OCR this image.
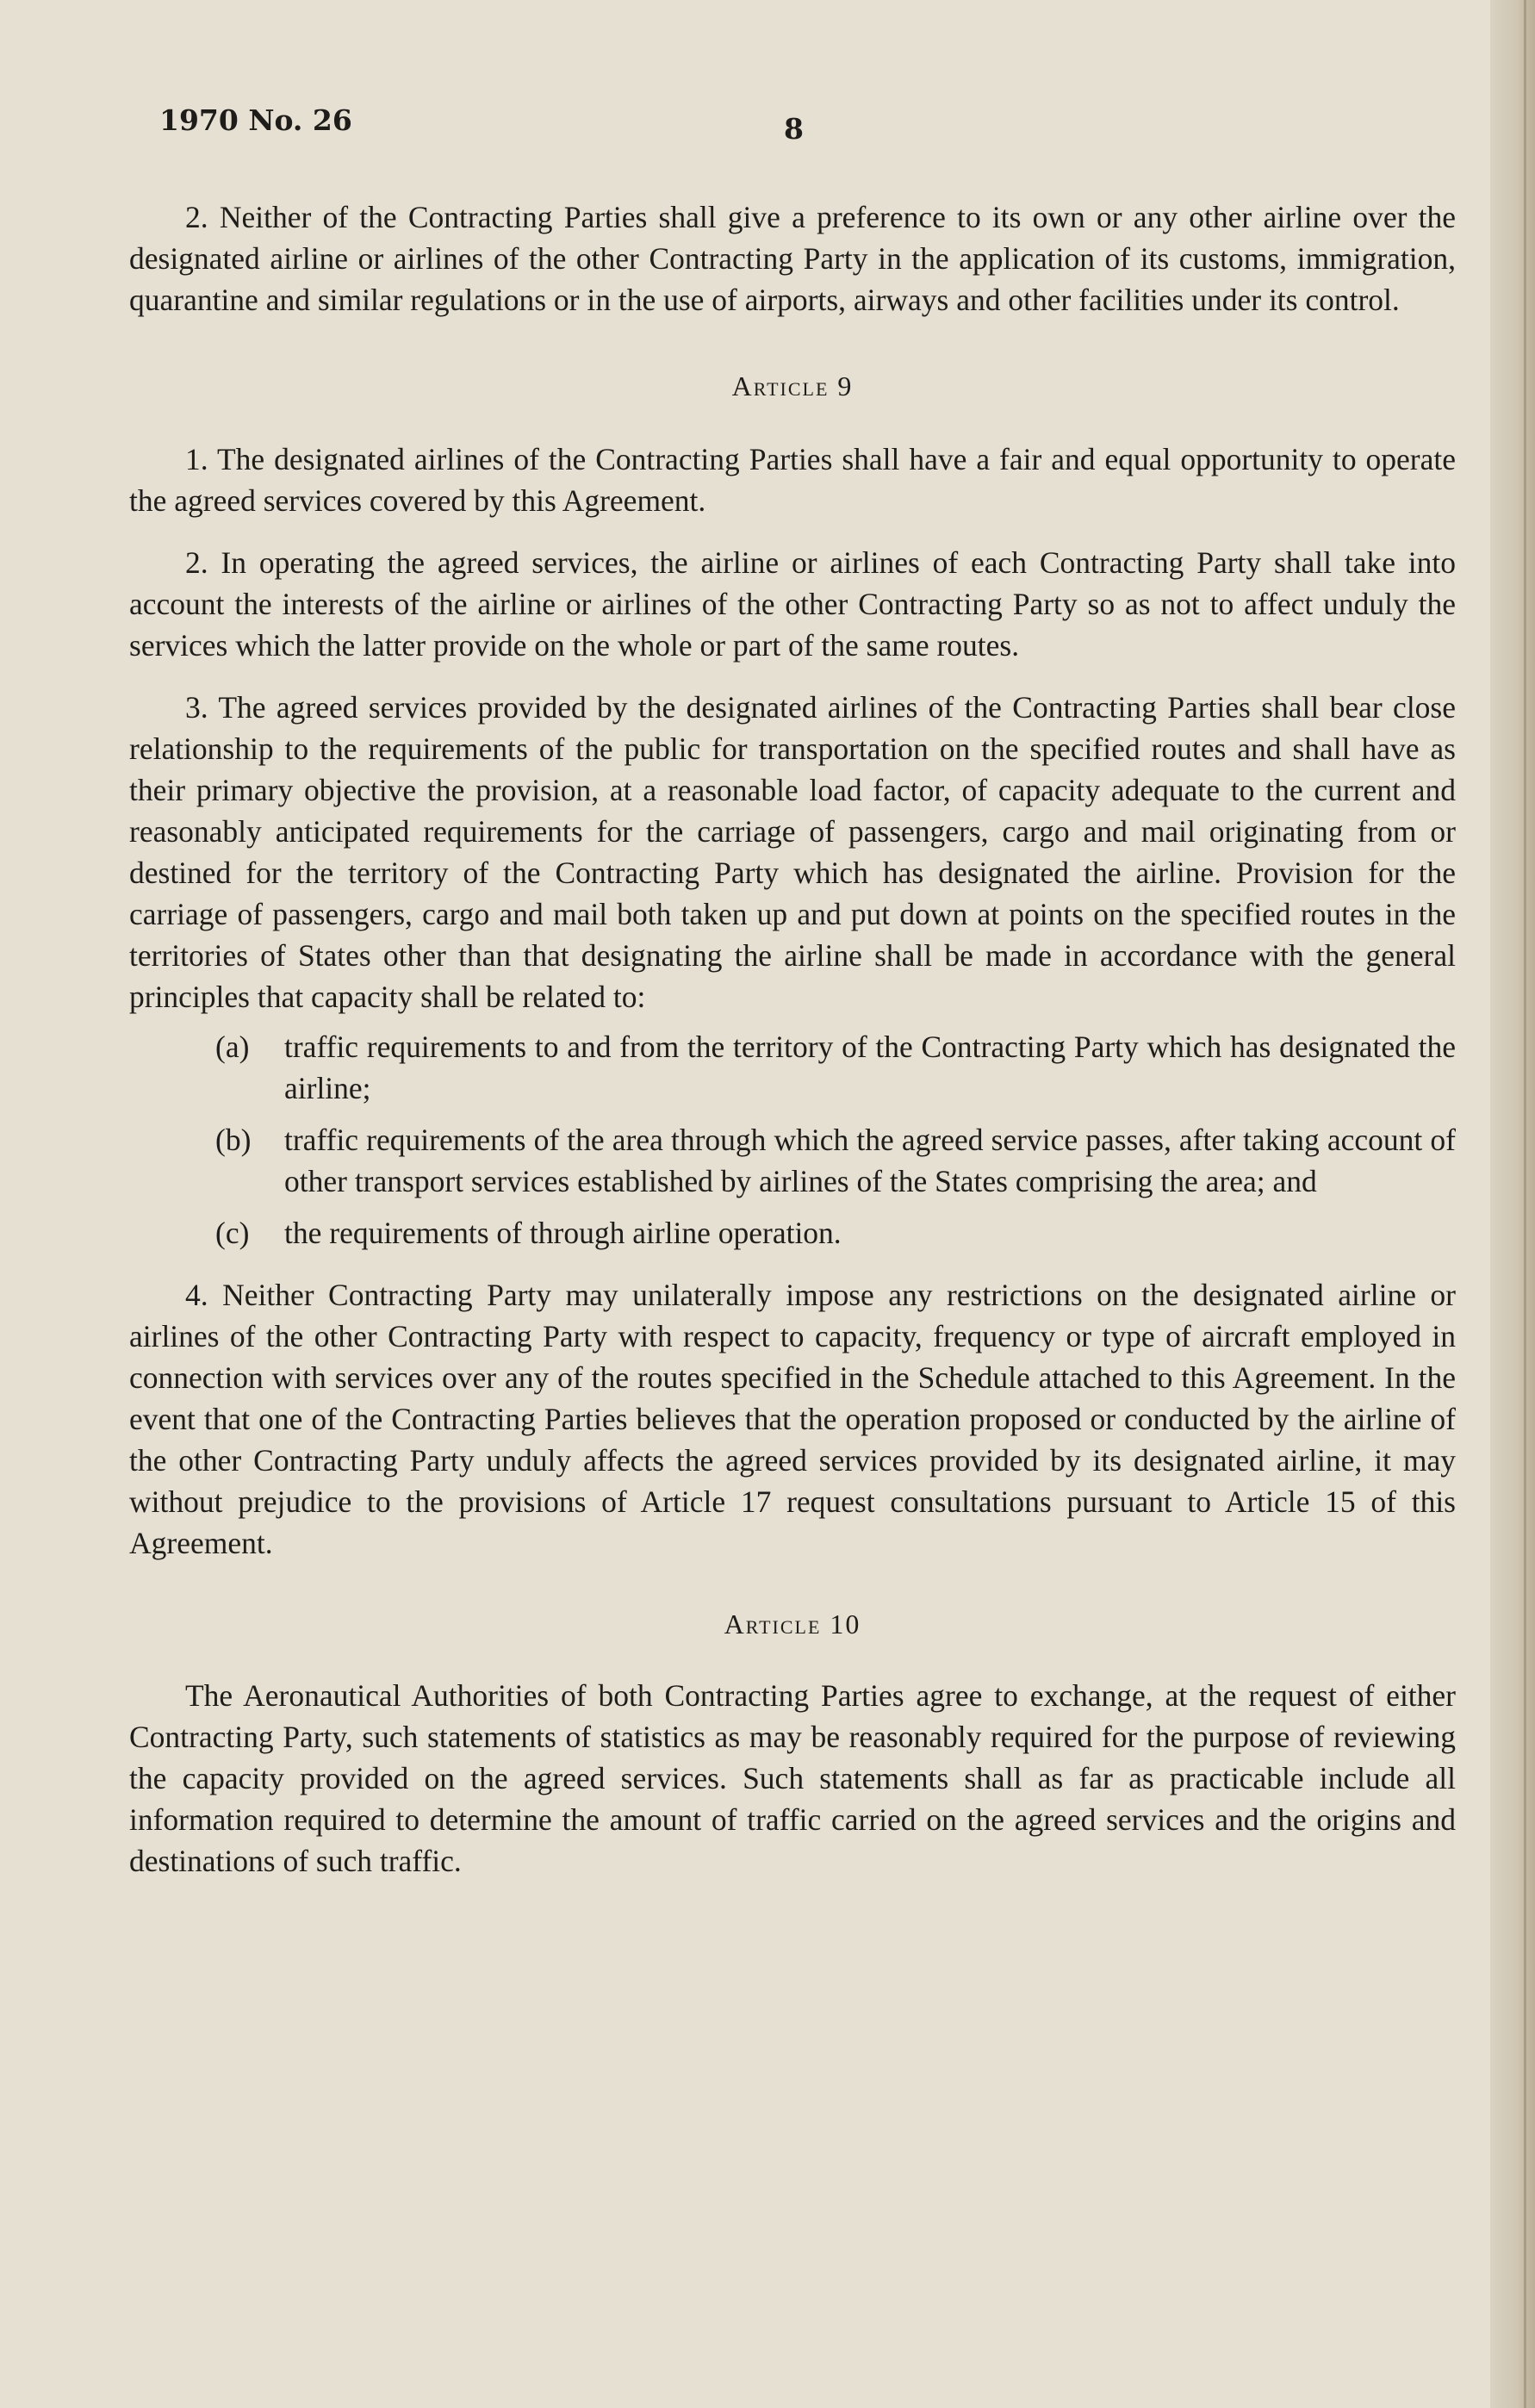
1970 No. 26	8

2. Neither of the Contracting Parties shall give a preference to its own or any other airline over the designated airline or airlines of the other Contracting Party in the application of its customs, immigration, quarantine and similar regulations or in the use of airports, airways and other facilities under its control.

Article 9

1. The designated airlines of the Contracting Parties shall have a fair and equal opportunity to operate the agreed services covered by this Agreement.

2. In operating the agreed services, the airline or airlines of each Contracting Party shall take into account the interests of the airline or airlines of the other Contracting Party so as not to affect unduly the services which the latter provide on the whole or part of the same routes.

3. The agreed services provided by the designated airlines of the Contracting Parties shall bear close relationship to the requirements of the public for transportation on the specified routes and shall have as their primary objective the provision, at a reasonable load factor, of capacity adequate to the current and reasonably anticipated requirements for the carriage of passengers, cargo and mail originating from or destined for the territory of the Contracting Party which has designated the airline. Provision for the carriage of passengers, cargo and mail both taken up and put down at points on the specified routes in the territories of States other than that designating the airline shall be made in accordance with the general principles that capacity shall be related to:

(a) traffic requirements to and from the territory of the Contracting Party which has designated the airline;
(b) traffic requirements of the area through which the agreed service passes, after taking account of other transport services established by airlines of the States comprising the area; and
(c) the requirements of through airline operation.

4. Neither Contracting Party may unilaterally impose any restrictions on the designated airline or airlines of the other Contracting Party with respect to capacity, frequency or type of aircraft employed in connection with services over any of the routes specified in the Schedule attached to this Agreement. In the event that one of the Contracting Parties believes that the operation proposed or conducted by the airline of the other Contracting Party unduly affects the agreed services provided by its designated airline, it may without prejudice to the provisions of Article 17 request consultations pursuant to Article 15 of this Agreement.

Article 10

The Aeronautical Authorities of both Contracting Parties agree to exchange, at the request of either Contracting Party, such statements of statistics as may be reasonably required for the purpose of reviewing the capacity provided on the agreed services. Such statements shall as far as practicable include all information required to determine the amount of traffic carried on the agreed services and the origins and destinations of such traffic.
